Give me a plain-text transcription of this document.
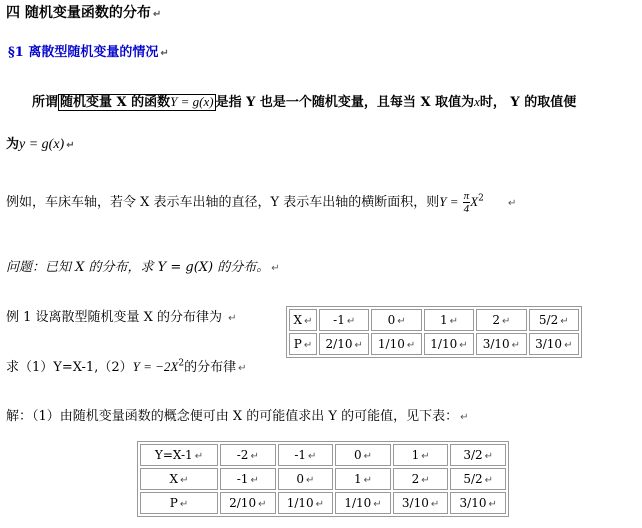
四 随机变量函数的分布 ↵
§1 离散型随机变量的情况 ↵
所谓 随机变量 X 的函数Y = g(x) 是指 Y 也是一个随机变量，且每当 X 取值为x时， Y 的取值便
为y = g(x) ↵
例如，车床车轴，若令 X 表示车出轴的直径，Y 表示车出轴的横断面积，则$Y = \frac{\pi}{4} X^2$ ↵
问题：已知 X 的分布，求 Y = g(X) 的分布。 ↵
例 1 设离散型随机变量 X 的分布律为 ↵
求$(1)Y=X-1,(2)Y = -2X^2$的分布律 ↵
X ↵	-1 ↵	0 ↵	1 ↵	2 ↵	5/2 ↵
P ↵	2/10 ↵	1/10 ↵	1/10 ↵	3/10 ↵	3/10 ↵
解：（1）由随机变量函数的概念便可由 X 的可能值求出 Y 的可能值，见下表： ↵
Y=X-1 ↵	-2 ↵	-1 ↵	0 ↵	1 ↵	3/2 ↵
X ↵	-1 ↵	0 ↵	1 ↵	2 ↵	5/2 ↵
P ↵	2/10 ↵	1/10 ↵	1/10 ↵	3/10 ↵	3/10 ↵
